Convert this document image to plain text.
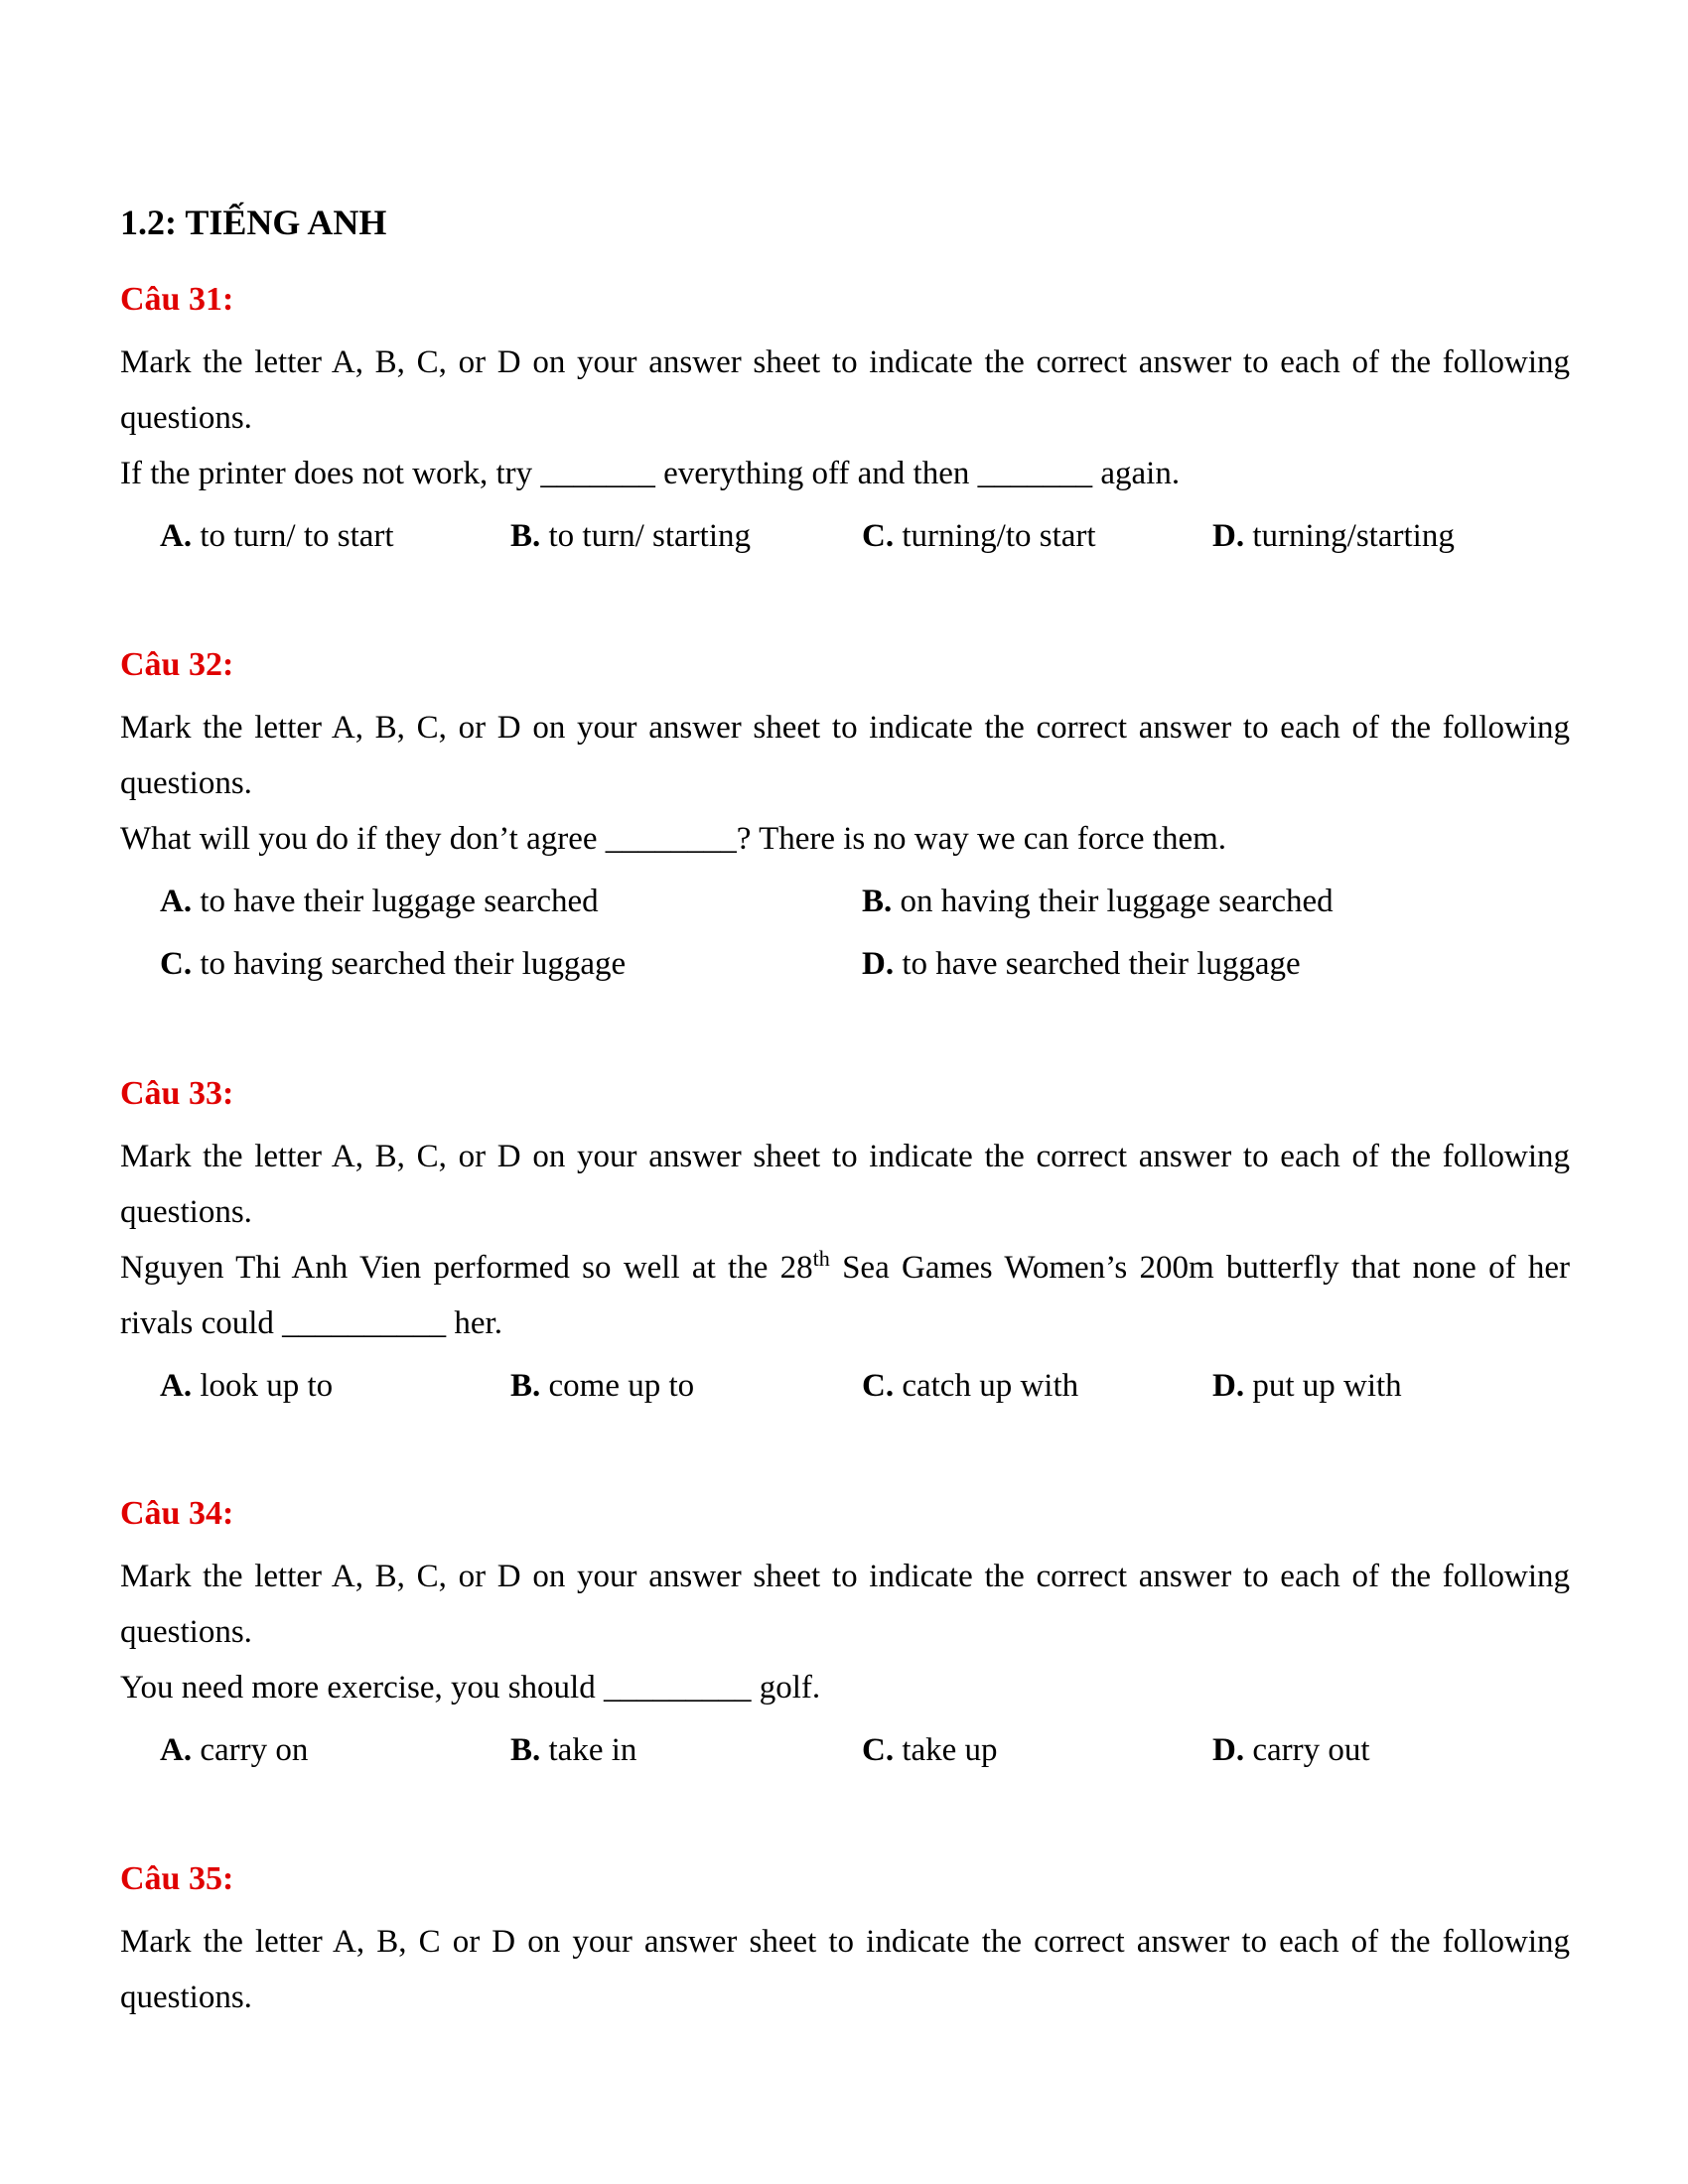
1.2: TIẾNG ANH
Câu 31:
Mark the letter A, B, C, or D on your answer sheet to indicate the correct answer to each of the following questions.
If the printer does not work, try _______ everything off and then _______ again.
A. to turn/ to start	B. to turn/ starting	C. turning/to start	D. turning/starting
Câu 32:
Mark the letter A, B, C, or D on your answer sheet to indicate the correct answer to each of the following questions.
What will you do if they don’t agree ________? There is no way we can force them.
A. to have their luggage searched	B. on having their luggage searched
C. to having searched their luggage	D. to have searched their luggage
Câu 33:
Mark the letter A, B, C, or D on your answer sheet to indicate the correct answer to each of the following questions.
Nguyen Thi Anh Vien performed so well at the 28th Sea Games Women’s 200m butterfly that none of her rivals could __________ her.
A. look up to	B. come up to	C. catch up with	D. put up with
Câu 34:
Mark the letter A, B, C, or D on your answer sheet to indicate the correct answer to each of the following questions.
You need more exercise, you should _________ golf.
A. carry on	B. take in	C. take up	D. carry out
Câu 35:
Mark the letter A, B, C or D on your answer sheet to indicate the correct answer to each of the following questions.
